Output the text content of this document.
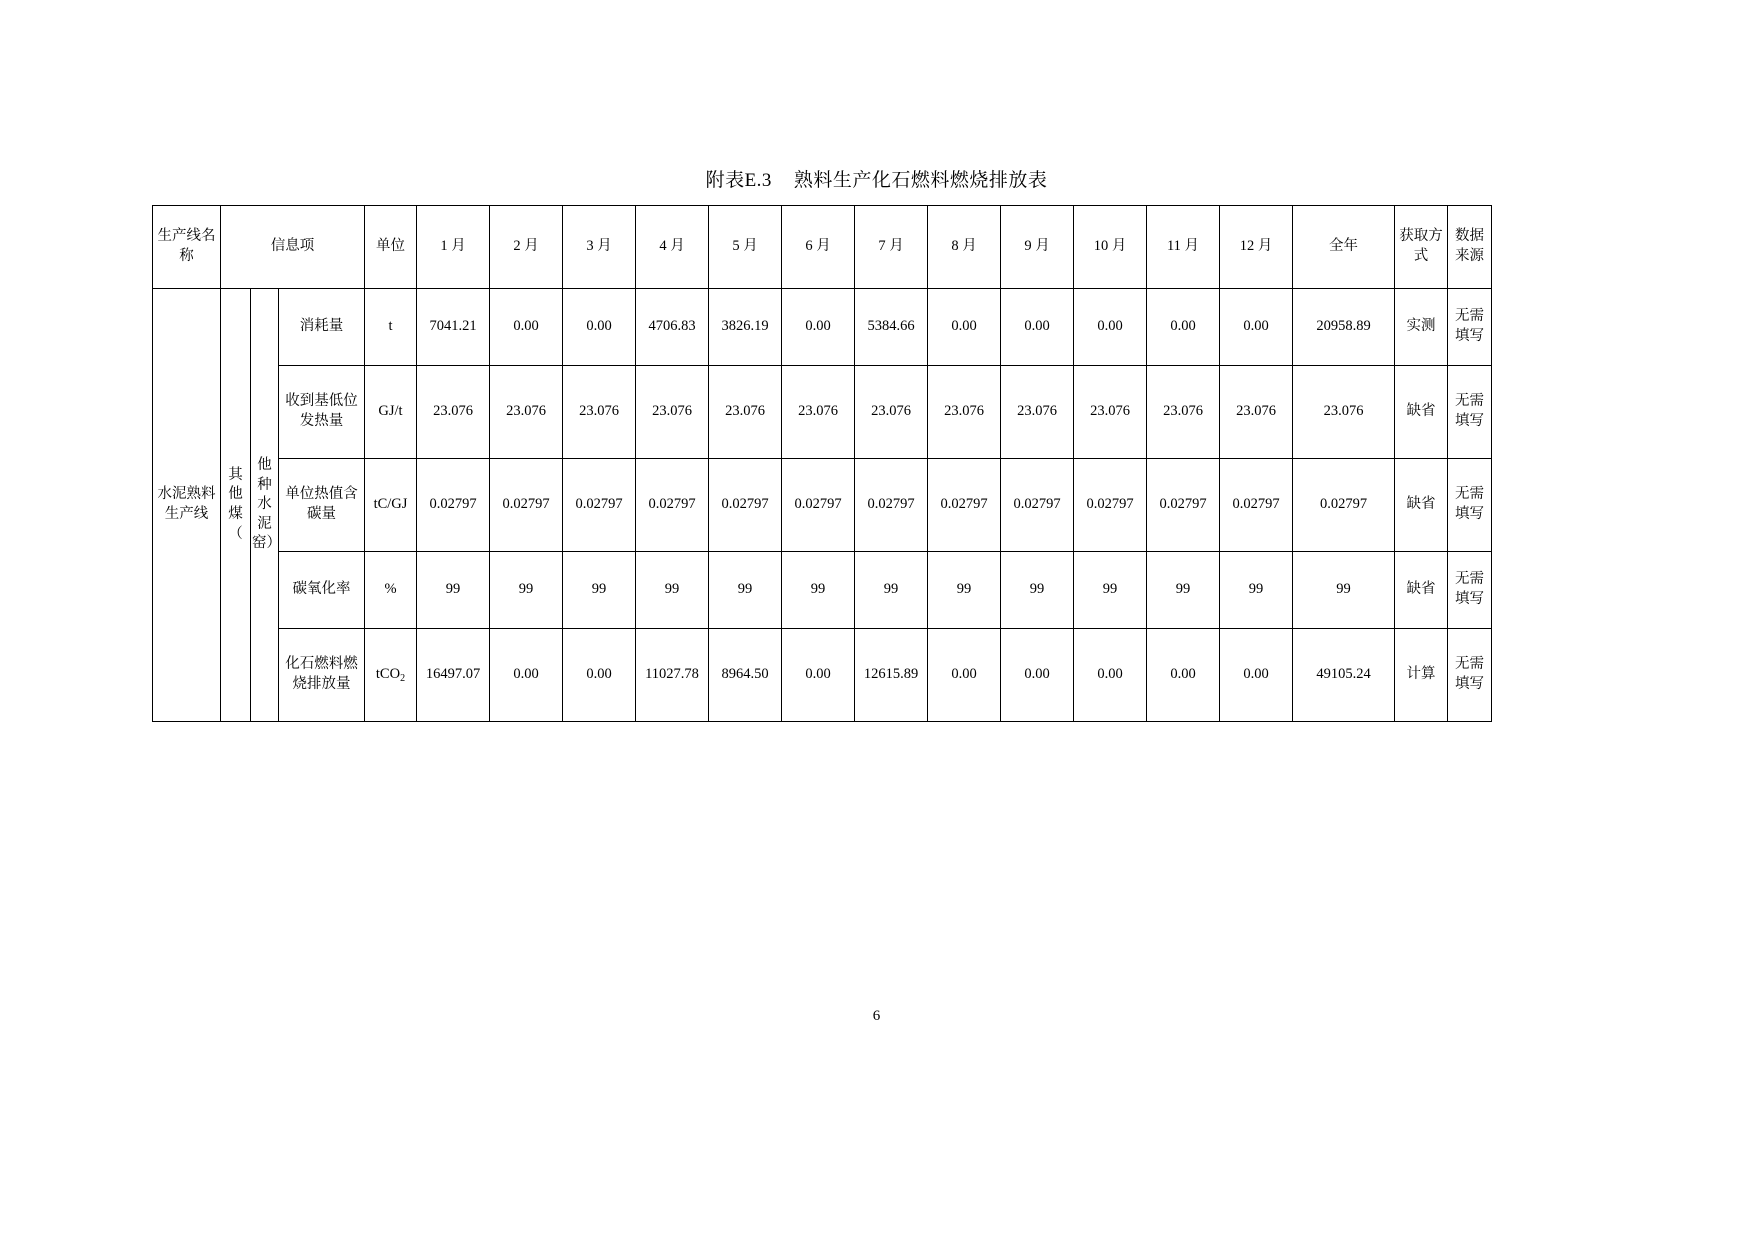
附表E.3 熟料生产化石燃料燃烧排放表
生产线名称	信息项			单位	1 月	2 月	3 月	4 月	5 月	6 月	7 月	8 月	9 月	10 月	11 月	12 月	全年	获取方式	数据来源
水泥熟料生产线	其他煤（	他种水泥窑）	消耗量	t	7041.21	0.00	0.00	4706.83	3826.19	0.00	5384.66	0.00	0.00	0.00	0.00	0.00	20958.89	实测	无需填写
			收到基低位发热量	GJ/t	23.076	23.076	23.076	23.076	23.076	23.076	23.076	23.076	23.076	23.076	23.076	23.076	23.076	缺省	无需填写
			单位热值含碳量	tC/GJ	0.02797	0.02797	0.02797	0.02797	0.02797	0.02797	0.02797	0.02797	0.02797	0.02797	0.02797	0.02797	0.02797	缺省	无需填写
			碳氧化率	%	99	99	99	99	99	99	99	99	99	99	99	99	99	缺省	无需填写
			化石燃料燃烧排放量	tCO$_2$	16497.07	0.00	0.00	11027.78	8964.50	0.00	12615.89	0.00	0.00	0.00	0.00	0.00	49105.24	计算	无需填写
6
